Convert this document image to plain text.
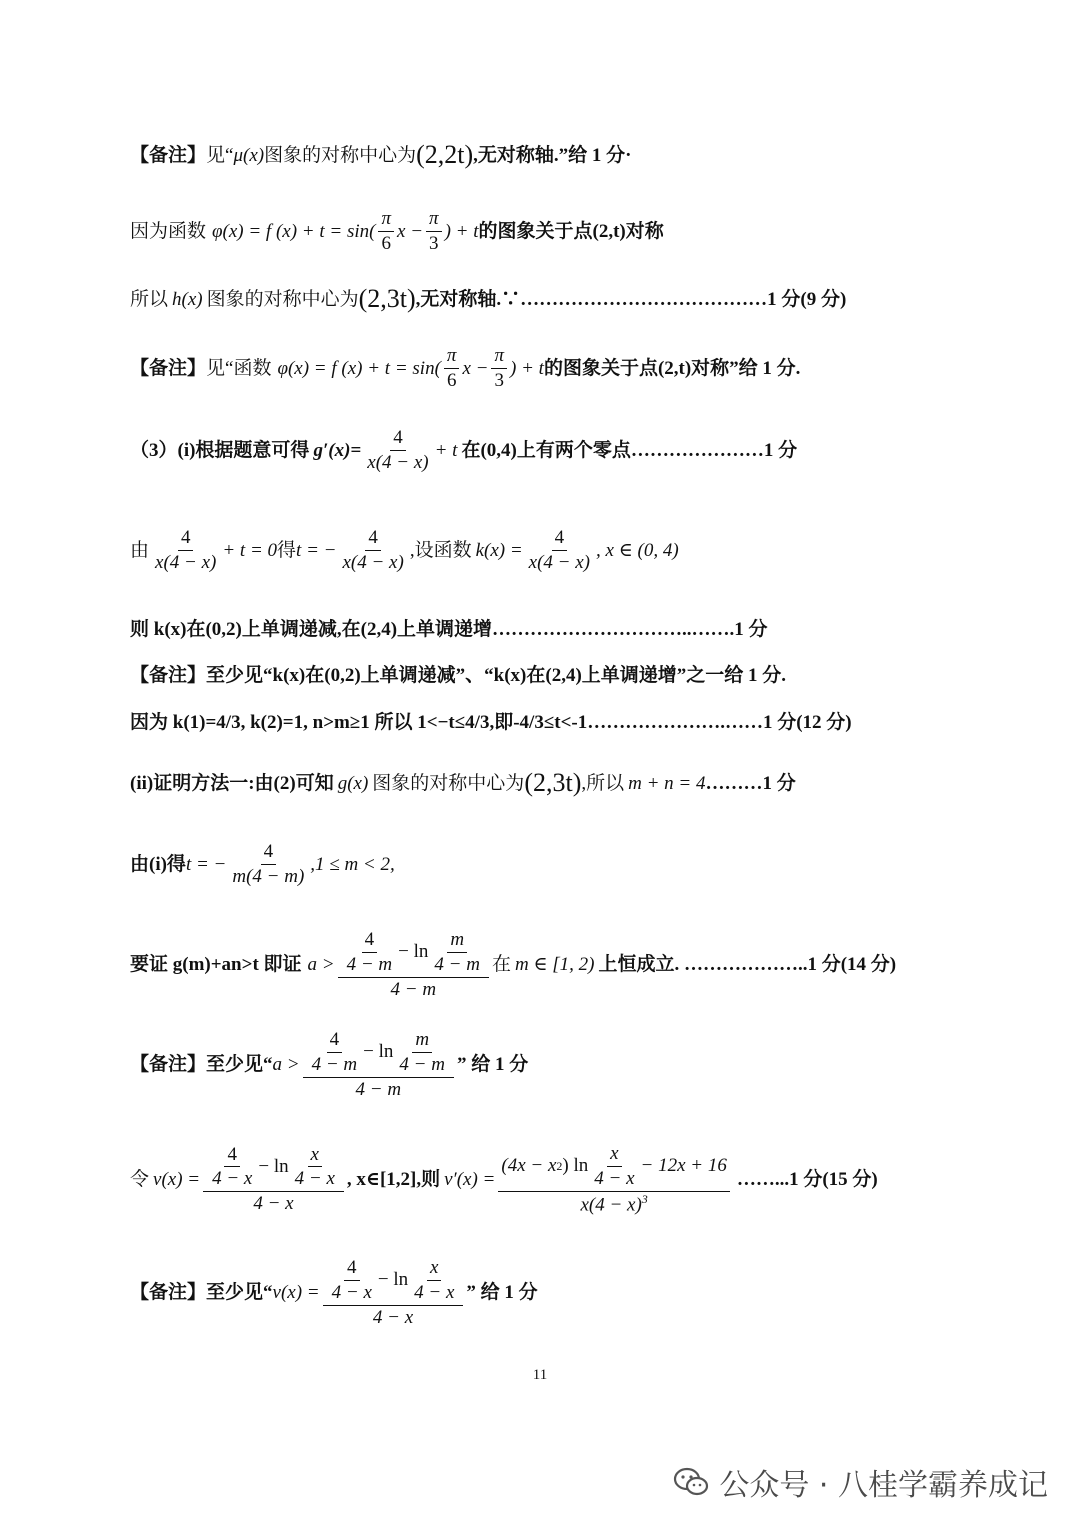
【备注】 见“ μ(x) 图象的对称中心为 (2,2t) ,无对称轴.”给 1 分·
因为函数 φ(x) = f $(x) + t = \sin( \frac{\pi}{6}$ $x - \frac{\pi}{3}$ ) + t 的图象关于点(2,t)对称
所以 h(x) 图象的对称中心为 (2,3t) ,无对称轴.∵…………………………………1 分(9 分)
【备注】 见“函数 φ(x) = f $(x) + t = \sin( \frac{\pi}{6}$ $x - \frac{\pi}{3}$ ) + t 的图象关于点(2,t)对称”给 1 分.
（3）(i)根据题意可得 $g'(x)= \frac{4}{x(4 - x)} + t$ 在(0,4)上有两个零点…………………1 分
由 $\frac{4}{x(4 - x)} + t = 0$ 得 t = − $\frac{4}{x(4 - x)}$ ,设函数 $k(x) = \frac{4}{x(4 - x)}$ , x ∈ (0, 4)
则 k(x)在(0,2)上单调递减,在(2,4)上单调递增…………………………..…….1 分
【备注】 至少见“k(x)在(0,2)上单调递减”、“k(x)在(2,4)上单调递增”之一给 1 分.
因为 k(1)=4/3, k(2)=1, n>m≥1 所以 1<−t≤4/3,即-4/3≤t<-1………………….……1 分(12 分)
(ii)证明方法一:由(2)可知 g(x) 图象的对称中心为 (2,3t) ,所以 m + n = 4 ………1 分
由(i)得 t = − $\frac{4}{m(4 - m)} ,1 \le m < 2$,
要证 g(m)+an>t 即证 $a > \frac{4}{4 - m} - \ln \frac{m}{4 - m}$
4 − m
在 m ∈ [1, 2) 上恒成立. ………………..1 分(14 分)
【备注】 至少见“ $a > \frac{4}{4 - m} - \ln \frac{m}{4 - m}$
4 − m
” 给 1 分
令 $v(x) = \frac{4}{4 - x} - \ln \frac{x}{4 - x}$
4 − x
, x∈[1,2],则 v′(x) =
(4x − x 2 ) $\ln \frac{x}{4 - x} - 12x + 16$
$x(4 - x)^3$
……...1 分(15 分)
【备注】 至少见“ $v(x) = \frac{4}{4 - x} - \ln \frac{x}{4 - x}$
4 − x
” 给 1 分
11
公众号 · 八桂学霸养成记
